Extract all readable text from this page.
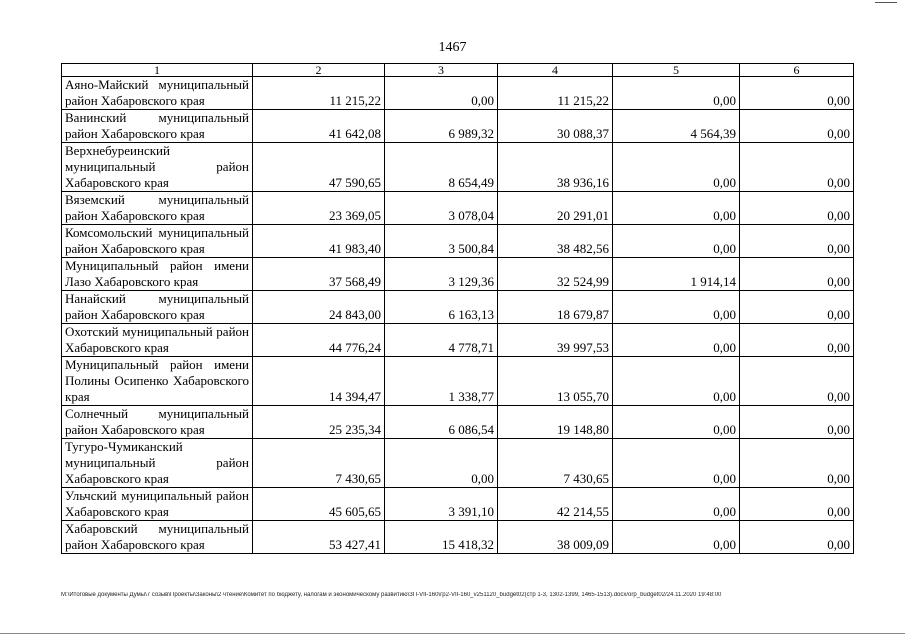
1467
1	2	3	4	5	6
Аяно-Майский муниципальный район Хабаровского края	11 215,22	0,00	11 215,22	0,00	0,00
Ванинский муниципальный район Хабаровского края	41 642,08	6 989,32	30 088,37	4 564,39	0,00
Верхнебуреинский муниципальный район Хабаровского края	47 590,65	8 654,49	38 936,16	0,00	0,00
Вяземский муниципальный район Хабаровского края	23 369,05	3 078,04	20 291,01	0,00	0,00
Комсомольский муниципальный район Хабаровского края	41 983,40	3 500,84	38 482,56	0,00	0,00
Муниципальный район имени Лазо Хабаровского края	37 568,49	3 129,36	32 524,99	1 914,14	0,00
Нанайский муниципальный район Хабаровского края	24 843,00	6 163,13	18 679,87	0,00	0,00
Охотский муниципальный район Хабаровского края	44 776,24	4 778,71	39 997,53	0,00	0,00
Муниципальный район имени Полины Осипенко Хабаровского края	14 394,47	1 338,77	13 055,70	0,00	0,00
Солнечный муниципальный район Хабаровского края	25 235,34	6 086,54	19 148,80	0,00	0,00
Тугуро-Чумиканский муниципальный район Хабаровского края	7 430,65	0,00	7 430,65	0,00	0,00
Ульчский муниципальный район Хабаровского края	45 605,65	3 391,10	42 214,55	0,00	0,00
Хабаровский муниципальный район Хабаровского края	53 427,41	15 418,32	38 009,09	0,00	0,00
M:\Итоговые документы Думы\7 созыв\Проекты\Законы\2 чтение\Комитет по бюджету, налогам и экономическому развитию\ЗП-VII-160\гр2-VII-160_v251120_budget02(стр 1-3, 1302-1399, 1465-1513).docx/orp_budget02/24.11.2020 19:48:00
